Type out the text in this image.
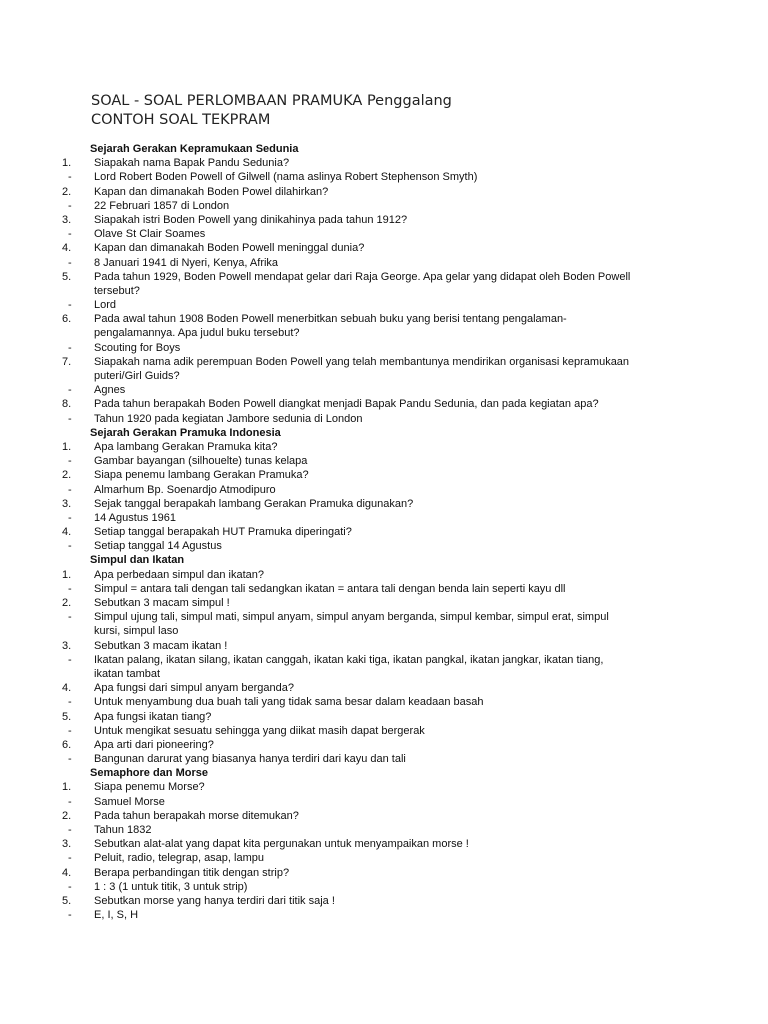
SOAL - SOAL PERLOMBAAN PRAMUKA Penggalang
CONTOH SOAL TEKPRAM
Sejarah Gerakan Kepramukaan Sedunia
1. Siapakah nama Bapak Pandu Sedunia?
- Lord Robert Boden Powell of Gilwell (nama aslinya Robert Stephenson Smyth)
2. Kapan dan dimanakah Boden Powel dilahirkan?
- 22 Februari 1857 di London
3. Siapakah istri Boden Powell yang dinikahinya pada tahun 1912?
- Olave St Clair Soames
4. Kapan dan dimanakah Boden Powell meninggal dunia?
- 8 Januari 1941 di Nyeri, Kenya, Afrika
5. Pada tahun 1929, Boden Powell mendapat gelar dari Raja George. Apa gelar yang didapat oleh Boden Powell
tersebut?
- Lord
6. Pada awal tahun 1908 Boden Powell menerbitkan sebuah buku yang berisi tentang pengalaman-
pengalamannya. Apa judul buku tersebut?
- Scouting for Boys
7. Siapakah nama adik perempuan Boden Powell yang telah membantunya mendirikan organisasi kepramukaan
puteri/Girl Guids?
- Agnes
8. Pada tahun berapakah Boden Powell diangkat menjadi Bapak Pandu Sedunia, dan pada kegiatan apa?
- Tahun 1920 pada kegiatan Jambore sedunia di London
Sejarah Gerakan Pramuka Indonesia
1. Apa lambang Gerakan Pramuka kita?
- Gambar bayangan (silhouelte) tunas kelapa
2. Siapa penemu lambang Gerakan Pramuka?
- Almarhum Bp. Soenardjo Atmodipuro
3. Sejak tanggal berapakah lambang Gerakan Pramuka digunakan?
- 14 Agustus 1961
4. Setiap tanggal berapakah HUT Pramuka diperingati?
- Setiap tanggal 14 Agustus
Simpul dan Ikatan
1. Apa perbedaan simpul dan ikatan?
- Simpul = antara tali dengan tali sedangkan ikatan = antara tali dengan benda lain seperti kayu dll
2. Sebutkan 3 macam simpul !
- Simpul ujung tali, simpul mati, simpul anyam, simpul anyam berganda, simpul kembar, simpul erat, simpul
kursi, simpul laso
3. Sebutkan 3 macam ikatan !
- Ikatan palang, ikatan silang, ikatan canggah, ikatan kaki tiga, ikatan pangkal, ikatan jangkar, ikatan tiang,
ikatan tambat
4. Apa fungsi dari simpul anyam berganda?
- Untuk menyambung dua buah tali yang tidak sama besar dalam keadaan basah
5. Apa fungsi ikatan tiang?
- Untuk mengikat sesuatu sehingga yang diikat masih dapat bergerak
6. Apa arti dari pioneering?
- Bangunan darurat yang biasanya hanya terdiri dari kayu dan tali
Semaphore dan Morse
1. Siapa penemu Morse?
- Samuel Morse
2. Pada tahun berapakah morse ditemukan?
- Tahun 1832
3. Sebutkan alat-alat yang dapat kita pergunakan untuk menyampaikan morse !
- Peluit, radio, telegrap, asap, lampu
4. Berapa perbandingan titik dengan strip?
- 1 : 3 (1 untuk titik, 3 untuk strip)
5. Sebutkan morse yang hanya terdiri dari titik saja !
- E, I, S, H
